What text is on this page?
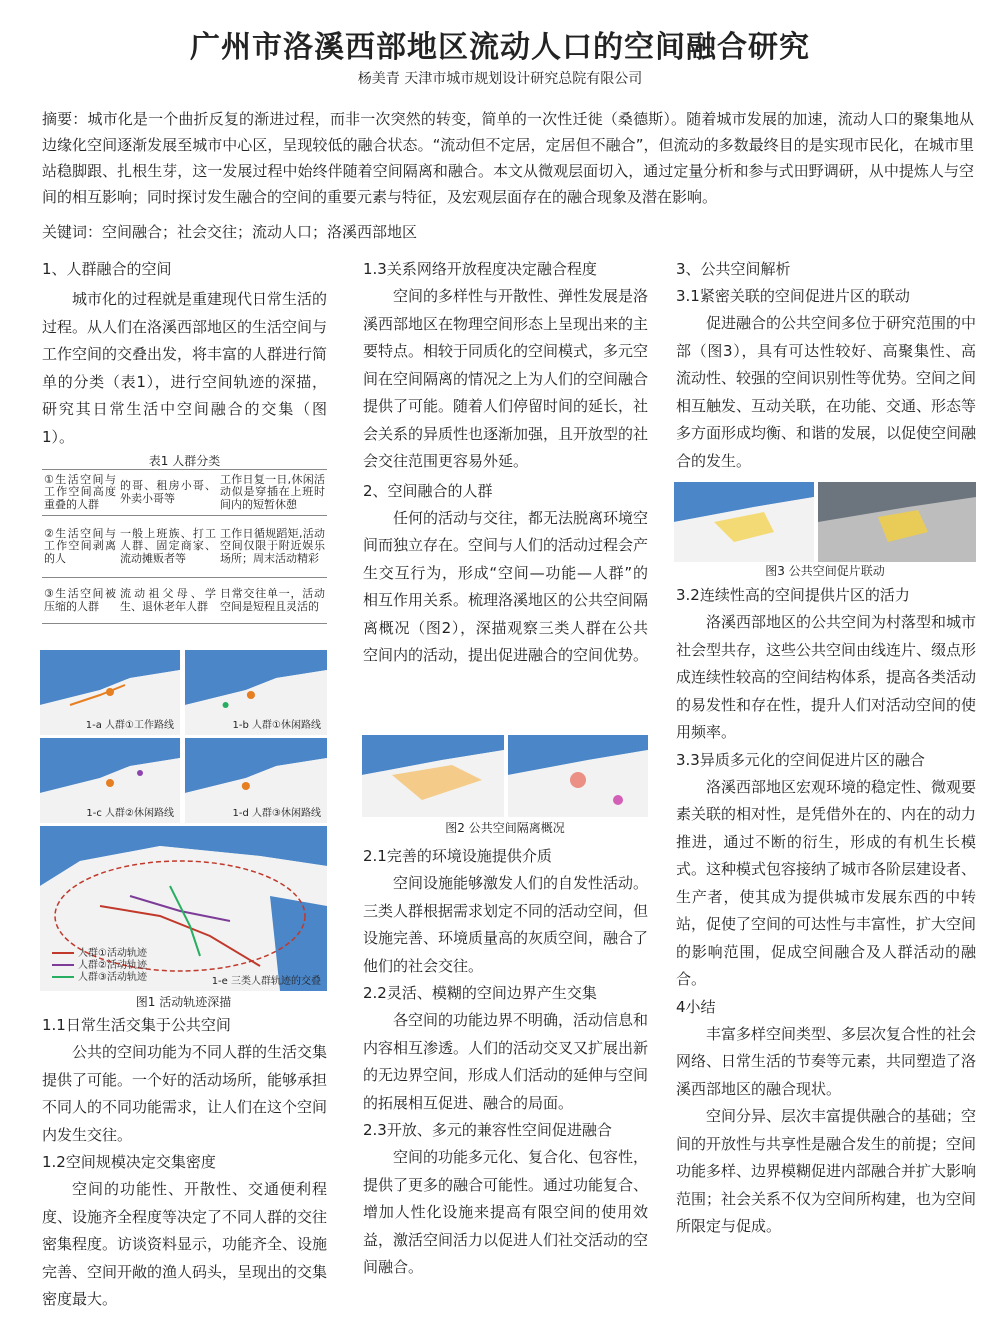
广州市洛溪西部地区流动人口的空间融合研究
杨美青 天津市城市规划设计研究总院有限公司
摘要：城市化是一个曲折反复的渐进过程，而非一次突然的转变，简单的一次性迁徙（桑德斯）。随着城市发展的加速，流动人口的聚集地从边缘化空间逐渐发展至城市中心区，呈现较低的融合状态。“流动但不定居，定居但不融合”，但流动的多数最终目的是实现市民化，在城市里站稳脚跟、扎根生芽，这一发展过程中始终伴随着空间隔离和融合。本文从微观层面切入，通过定量分析和参与式田野调研，从中提炼人与空间的相互影响；同时探讨发生融合的空间的重要元素与特征，及宏观层面存在的融合现象及潜在影响。
关键词：空间融合；社会交往；流动人口；洛溪西部地区
1、人群融合的空间

城市化的过程就是重建现代日常生活的过程。从人们在洛溪西部地区的生活空间与工作空间的交叠出发，将丰富的人群进行简单的分类（表1），进行空间轨迹的深描，研究其日常生活中空间融合的交集（图1）。

表1 人群分类
①生活空间与工作空间高度重叠的人群	的哥、租房小哥、外卖小哥等	工作日复一日,休闲活动似是穿插在上班时间内的短暂休憩
②生活空间与工作空间剥离的人	一般上班族、打工人群、固定商家、流动摊贩者等	工作日循规蹈矩,活动空间仅限于附近娱乐场所；周末活动精彩
③生活空间被压缩的人群	流动祖父母、学生、退休老年人群	日常交往单一，活动空间是短程且灵活的
1-a 人群①工作路线	1-b 人群①休闲路线
1-c 人群②休闲路线	1-d 人群③休闲路线
人群①活动轨迹
人群②活动轨迹
人群③活动轨迹	1-e 三类人群轨迹的交叠
图1 活动轨迹深描
1.1日常生活交集于公共空间

公共的空间功能为不同人群的生活交集提供了可能。一个好的活动场所，能够承担不同人的不同功能需求，让人们在这个空间内发生交往。

1.2空间规模决定交集密度

空间的功能性、开散性、交通便利程度、设施齐全程度等决定了不同人群的交往密集程度。访谈资料显示，功能齐全、设施完善、空间开敞的渔人码头，呈现出的交集密度最大。

1.3关系网络开放程度决定融合程度

空间的多样性与开散性、弹性发展是洛溪西部地区在物理空间形态上呈现出来的主要特点。相较于同质化的空间模式，多元空间在空间隔离的情况之上为人们的空间融合提供了可能。随着人们停留时间的延长，社会关系的异质性也逐渐加强，且开放型的社会交往范围更容易外延。

2、空间融合的人群

任何的活动与交往，都无法脱离环境空间而独立存在。空间与人们的活动过程会产生交互行为，形成“空间—功能—人群”的相互作用关系。梳理洛溪地区的公共空间隔离概况（图2），深描观察三类人群在公共空间内的活动，提出促进融合的空间优势。

图2 公共空间隔离概况
2.1完善的环境设施提供介质

空间设施能够激发人们的自发性活动。三类人群根据需求划定不同的活动空间，但设施完善、环境质量高的灰质空间，融合了他们的社会交往。

2.2灵活、模糊的空间边界产生交集

各空间的功能边界不明确，活动信息和内容相互渗透。人们的活动交叉又扩展出新的无边界空间，形成人们活动的延伸与空间的拓展相互促进、融合的局面。

2.3开放、多元的兼容性空间促进融合

空间的功能多元化、复合化、包容性，提供了更多的融合可能性。通过功能复合、增加人性化设施来提高有限空间的使用效益，激活空间活力以促进人们社交活动的空间融合。

3、公共空间解析
3.1紧密关联的空间促进片区的联动

促进融合的公共空间多位于研究范围的中部（图3），具有可达性较好、高聚集性、高流动性、较强的空间识别性等优势。空间之间相互触发、互动关联，在功能、交通、形态等多方面形成均衡、和谐的发展，以促使空间融合的发生。

图3 公共空间促片联动
3.2连续性高的空间提供片区的活力

洛溪西部地区的公共空间为村落型和城市社会型共存，这些公共空间由线连片、缀点形成连续性较高的空间结构体系，提高各类活动的易发性和存在性，提升人们对活动空间的使用频率。

3.3异质多元化的空间促进片区的融合

洛溪西部地区宏观环境的稳定性、微观要素关联的相对性，是凭借外在的、内在的动力推进，通过不断的衍生，形成的有机生长模式。这种模式包容接纳了城市各阶层建设者、生产者，使其成为提供城市发展东西的中转站，促使了空间的可达性与丰富性，扩大空间的影响范围，促成空间融合及人群活动的融合。

4小结

丰富多样空间类型、多层次复合性的社会网络、日常生活的节奏等元素，共同塑造了洛溪西部地区的融合现状。

空间分异、层次丰富提供融合的基础；空间的开放性与共享性是融合发生的前提；空间功能多样、边界模糊促进内部融合并扩大影响范围；社会关系不仅为空间所构建，也为空间所限定与促成。
